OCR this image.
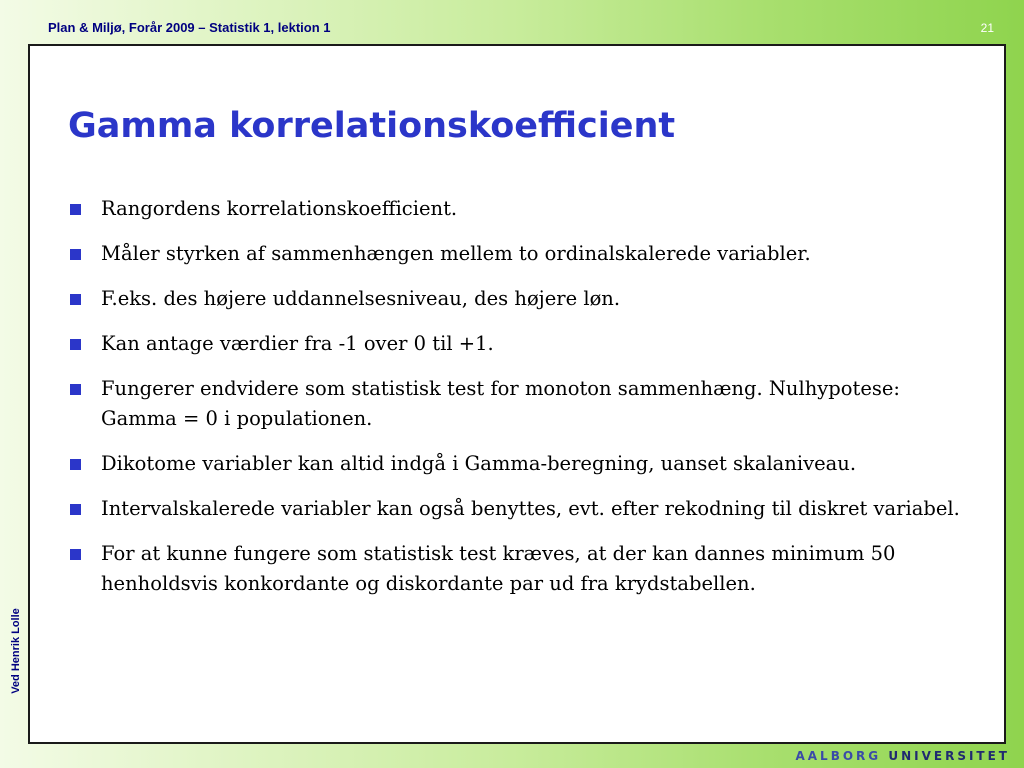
Plan & Miljø, Forår 2009 – Statistik 1, lektion 1	21
Ved Henrik Lolle
Gamma korrelationskoefficient
Rangordens korrelationskoefficient.
Måler styrken af sammenhængen mellem to ordinalskalerede variabler.
F.eks. des højere uddannelsesniveau, des højere løn.
Kan antage værdier fra -1 over 0 til +1.
Fungerer endvidere som statistisk test for monoton sammenhæng. Nulhypotese: Gamma = 0 i populationen.
Dikotome variabler kan altid indgå i Gamma-beregning, uanset skalaniveau.
Intervalskalerede variabler kan også benyttes, evt. efter rekodning til diskret variabel.
For at kunne fungere som statistisk test kræves, at der kan dannes minimum 50 henholdsvis konkordante og diskordante par ud fra krydstabellen.
AALBORG UNIVERSITET
